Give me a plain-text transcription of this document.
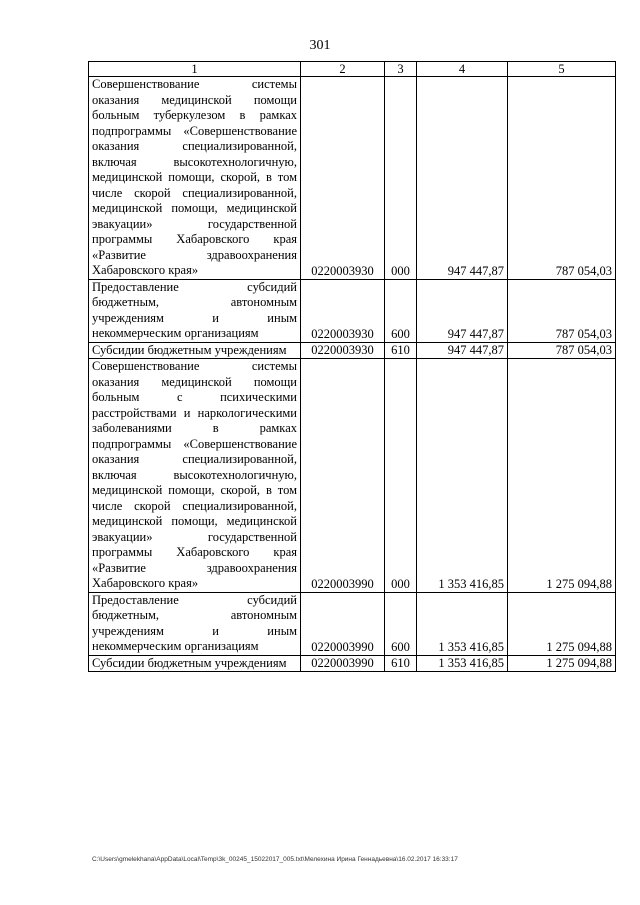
301
1	2	3	4	5
Совершенствование системы оказания медицинской помощи больным туберкулезом в рамках подпрограммы «Совершенствование оказания специализированной, включая высокотехнологичную, медицинской помощи, скорой, в том числе скорой специализированной, медицинской помощи, медицинской эвакуации» государственной программы Хабаровского края «Развитие здравоохранения Хабаровского края»	0220003930	000	947 447,87	787 054,03
Предоставление субсидий бюджетным, автономным учреждениям и иным некоммерческим организациям	0220003930	600	947 447,87	787 054,03
Субсидии бюджетным учреждениям	0220003930	610	947 447,87	787 054,03
Совершенствование системы оказания медицинской помощи больным с психическими расстройствами и наркологическими заболеваниями в рамках подпрограммы «Совершенствование оказания специализированной, включая высокотехнологичную, медицинской помощи, скорой, в том числе скорой специализированной, медицинской помощи, медицинской эвакуации» государственной программы Хабаровского края «Развитие здравоохранения Хабаровского края»	0220003990	000	1 353 416,85	1 275 094,88
Предоставление субсидий бюджетным, автономным учреждениям и иным некоммерческим организациям	0220003990	600	1 353 416,85	1 275 094,88
Субсидии бюджетным учреждениям	0220003990	610	1 353 416,85	1 275 094,88
C:\Users\gmelekhana\AppData\Local\Temp\3k_00245_15022017_005.txt\Мелехина Ирина Геннадьевна\16.02.2017 16:33:17
